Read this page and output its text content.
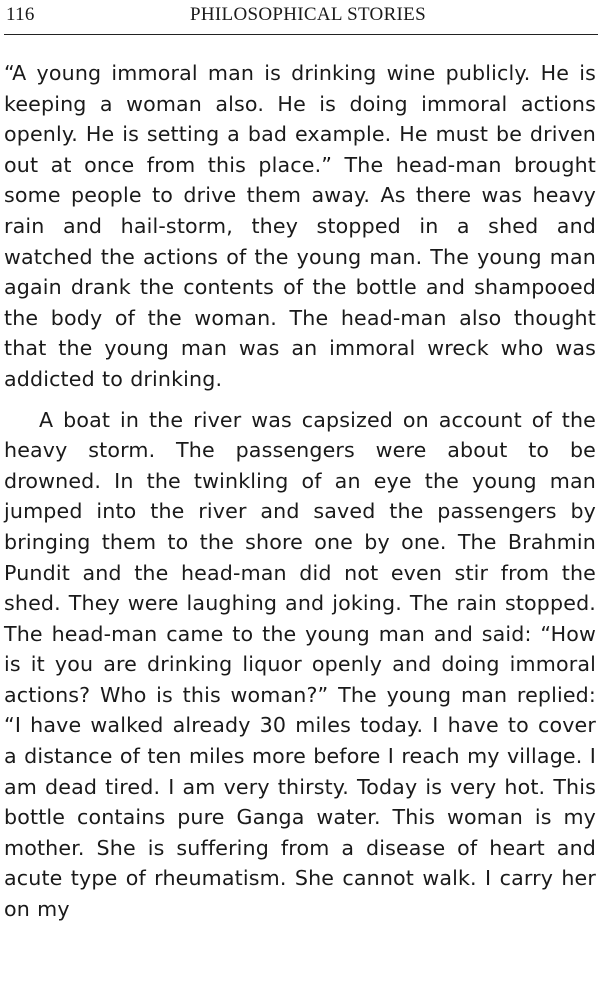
116	PHILOSOPHICAL STORIES

“A young immoral man is drinking wine publicly. He is keeping a woman also. He is doing immoral actions openly. He is setting a bad example. He must be driven out at once from this place.” The head-man brought some people to drive them away. As there was heavy rain and hail-storm, they stopped in a shed and watched the actions of the young man. The young man again drank the contents of the bottle and shampooed the body of the woman. The head-man also thought that the young man was an immoral wreck who was addicted to drinking.

A boat in the river was capsized on account of the heavy storm. The passengers were about to be drowned. In the twinkling of an eye the young man jumped into the river and saved the passengers by bringing them to the shore one by one. The Brahmin Pundit and the head-man did not even stir from the shed. They were laughing and joking. The rain stopped. The head-man came to the young man and said: “How is it you are drinking liquor openly and doing immoral actions? Who is this woman?” The young man replied: “I have walked already 30 miles today. I have to cover a distance of ten miles more before I reach my village. I am dead tired. I am very thirsty. Today is very hot. This bottle contains pure Ganga water. This woman is my mother. She is suffering from a disease of heart and acute type of rheumatism. She cannot walk. I carry her on my
